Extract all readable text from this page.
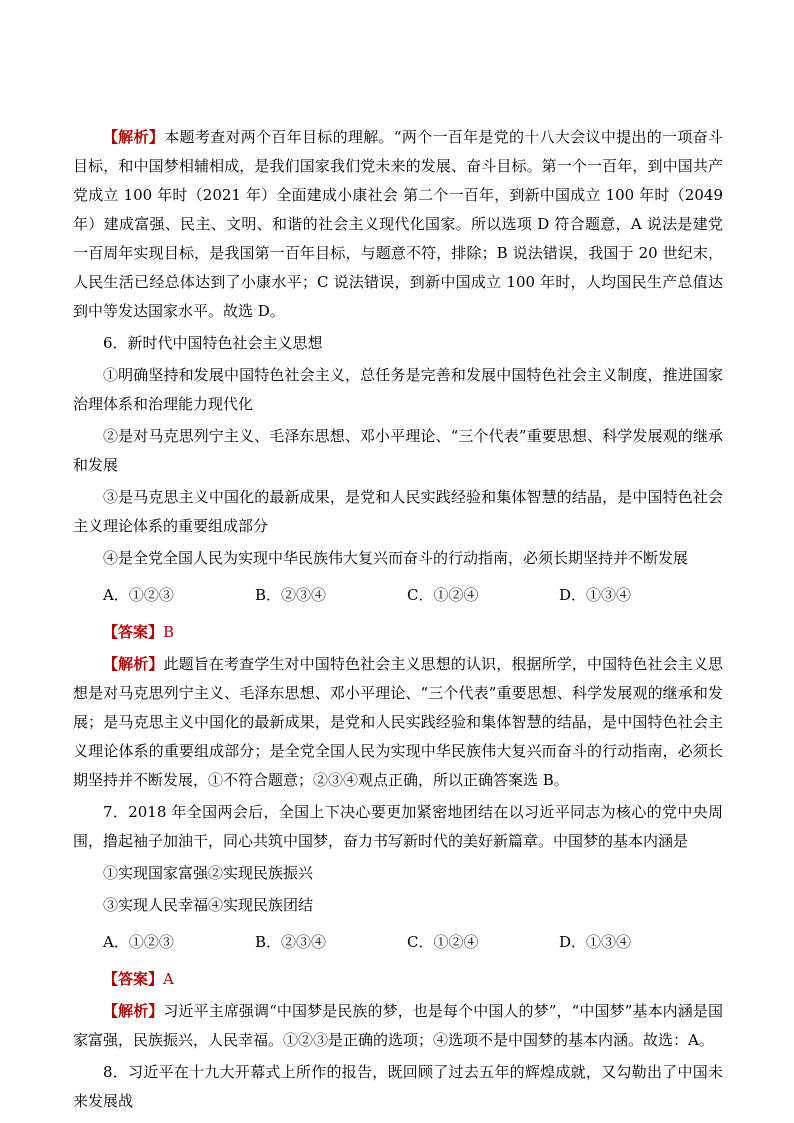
【解析】本题考查对两个百年目标的理解。“两个一百年是党的十八大会议中提出的一项奋斗目标，和中国梦相辅相成，是我们国家我们党未来的发展、奋斗目标。第一个一百年，到中国共产党成立 100 年时（2021 年）全面建成小康社会 第二个一百年，到新中国成立 100 年时（2049 年）建成富强、民主、文明、和谐的社会主义现代化国家。所以选项 D 符合题意，A 说法是建党一百周年实现目标，是我国第一百年目标，与题意不符，排除；B 说法错误，我国于 20 世纪末，人民生活已经总体达到了小康水平；C 说法错误，到新中国成立 100 年时，人均国民生产总值达到中等发达国家水平。故选 D。

6．新时代中国特色社会主义思想

①明确坚持和发展中国特色社会主义，总任务是完善和发展中国特色社会主义制度，推进国家治理体系和治理能力现代化

②是对马克思列宁主义、毛泽东思想、邓小平理论、“三个代表”重要思想、科学发展观的继承和发展

③是马克思主义中国化的最新成果，是党和人民实践经验和集体智慧的结晶，是中国特色社会主义理论体系的重要组成部分

④是全党全国人民为实现中华民族伟大复兴而奋斗的行动指南，必须长期坚持并不断发展

A．①②③	B．②③④	C．①②④	D．①③④

【答案】B

【解析】此题旨在考查学生对中国特色社会主义思想的认识，根据所学，中国特色社会主义思想是对马克思列宁主义、毛泽东思想、邓小平理论、“三个代表”重要思想、科学发展观的继承和发展；是马克思主义中国化的最新成果，是党和人民实践经验和集体智慧的结晶，是中国特色社会主义理论体系的重要组成部分；是全党全国人民为实现中华民族伟大复兴而奋斗的行动指南，必须长期坚持并不断发展，①不符合题意；②③④观点正确，所以正确答案选 B。

7．2018 年全国两会后，全国上下决心要更加紧密地团结在以习近平同志为核心的党中央周围，撸起袖子加油干，同心共筑中国梦，奋力书写新时代的美好新篇章。中国梦的基本内涵是

①实现国家富强②实现民族振兴

③实现人民幸福④实现民族团结

A．①②③	B．②③④	C．①②④	D．①③④

【答案】A

【解析】习近平主席强调“中国梦是民族的梦，也是每个中国人的梦”，“中国梦”基本内涵是国家富强，民族振兴，人民幸福。①②③是正确的选项；④选项不是中国梦的基本内涵。故选：A。

8．习近平在十九大开幕式上所作的报告，既回顾了过去五年的辉煌成就，又勾勒出了中国未来发展战
